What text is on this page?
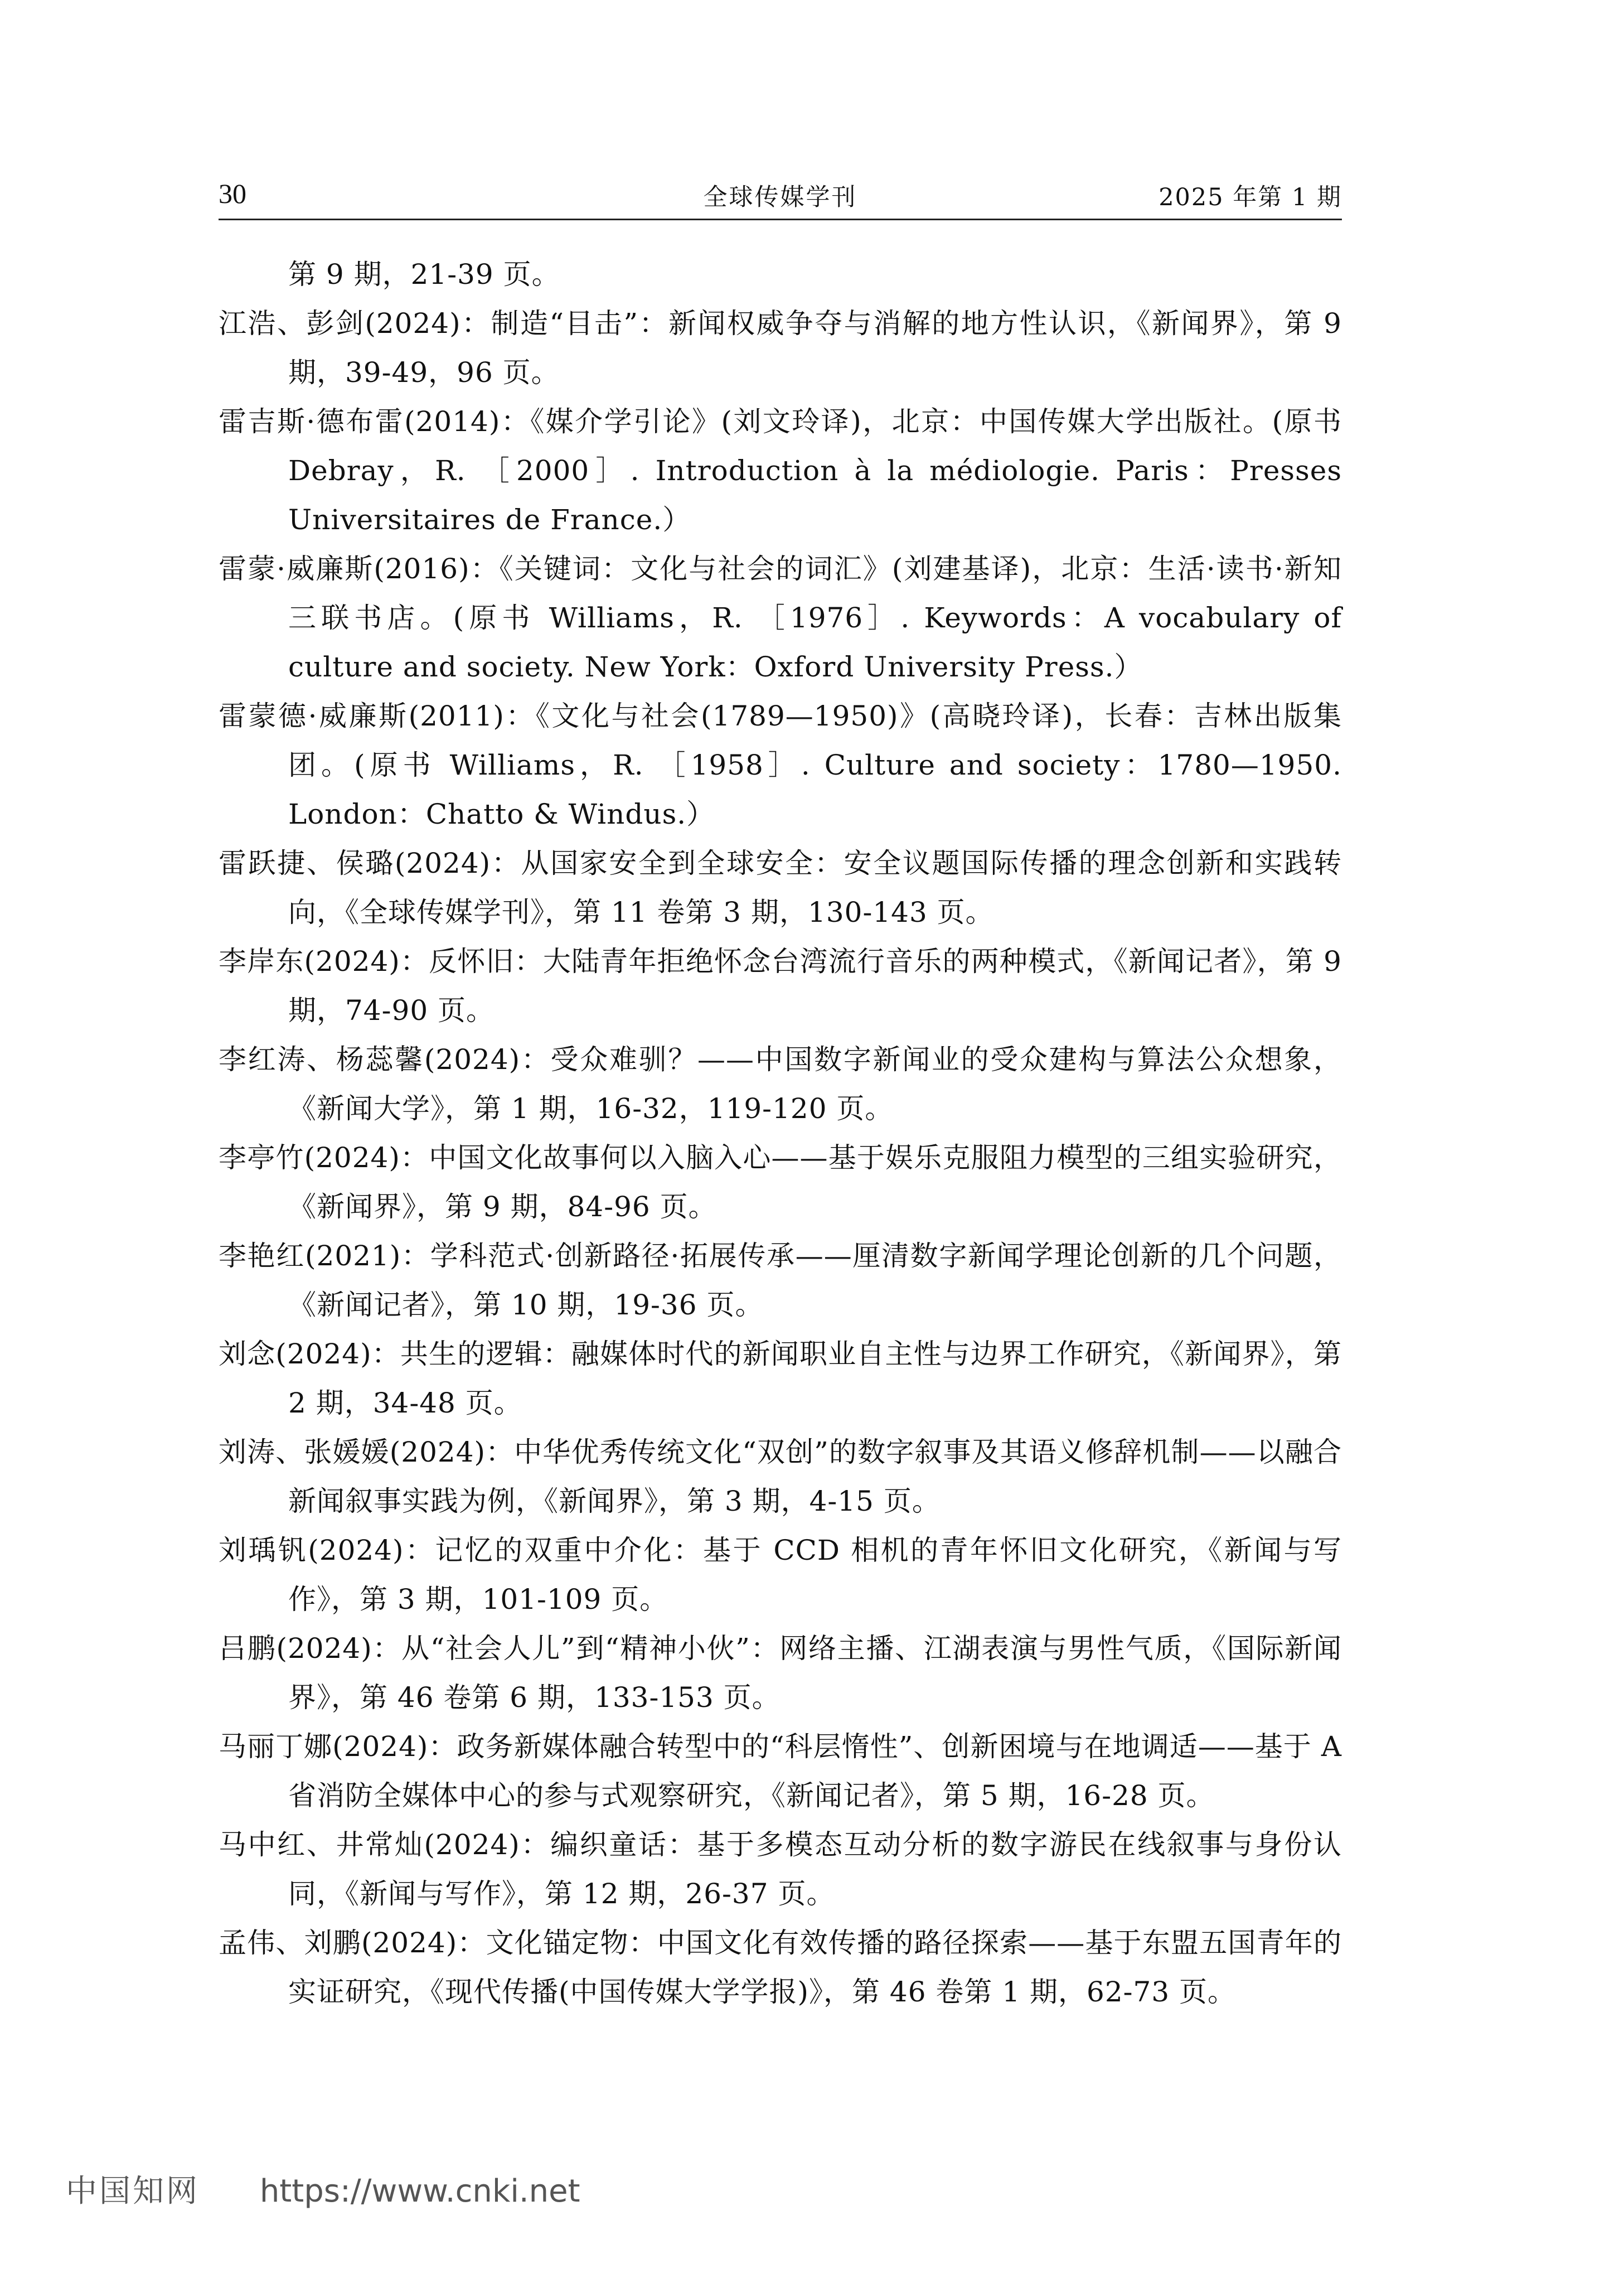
30	全球传媒学刊	2025 年第 1 期
第 9 期，21-39 页。
江浩、彭剑(2024)：制造“目击”：新闻权威争夺与消解的地方性认识，《新闻界》，第 9 期，39-49，96 页。
雷吉斯·德布雷(2014)：《媒介学引论》(刘文玲译)，北京：中国传媒大学出版社。(原书 Debray，R. ［2000］. Introduction à la médiologie. Paris：Presses Universitaires de France.）
雷蒙·威廉斯(2016)：《关键词：文化与社会的词汇》(刘建基译)，北京：生活·读书·新知三联书店。(原书 Williams，R. ［1976］. Keywords：A vocabulary of culture and society. New York：Oxford University Press.）
雷蒙德·威廉斯(2011)：《文化与社会(1789—1950)》(高晓玲译)，长春：吉林出版集团。(原书 Williams，R. ［1958］. Culture and society：1780—1950. London：Chatto & Windus.）
雷跃捷、侯璐(2024)：从国家安全到全球安全：安全议题国际传播的理念创新和实践转向，《全球传媒学刊》，第 11 卷第 3 期，130-143 页。
李岸东(2024)：反怀旧：大陆青年拒绝怀念台湾流行音乐的两种模式，《新闻记者》，第 9 期，74-90 页。
李红涛、杨蕊馨(2024)：受众难驯？——中国数字新闻业的受众建构与算法公众想象，《新闻大学》，第 1 期，16-32，119-120 页。
李亭竹(2024)：中国文化故事何以入脑入心——基于娱乐克服阻力模型的三组实验研究，《新闻界》，第 9 期，84-96 页。
李艳红(2021)：学科范式·创新路径·拓展传承——厘清数字新闻学理论创新的几个问题，《新闻记者》，第 10 期，19-36 页。
刘念(2024)：共生的逻辑：融媒体时代的新闻职业自主性与边界工作研究，《新闻界》，第 2 期，34-48 页。
刘涛、张媛媛(2024)：中华优秀传统文化“双创”的数字叙事及其语义修辞机制——以融合新闻叙事实践为例，《新闻界》，第 3 期，4-15 页。
刘瑀钒(2024)：记忆的双重中介化：基于 CCD 相机的青年怀旧文化研究，《新闻与写作》，第 3 期，101-109 页。
吕鹏(2024)：从“社会人儿”到“精神小伙”：网络主播、江湖表演与男性气质，《国际新闻界》，第 46 卷第 6 期，133-153 页。
马丽丁娜(2024)：政务新媒体融合转型中的“科层惰性”、创新困境与在地调适——基于 A 省消防全媒体中心的参与式观察研究，《新闻记者》，第 5 期，16-28 页。
马中红、井常灿(2024)：编织童话：基于多模态互动分析的数字游民在线叙事与身份认同，《新闻与写作》，第 12 期，26-37 页。
孟伟、刘鹏(2024)：文化锚定物：中国文化有效传播的路径探索——基于东盟五国青年的实证研究，《现代传播(中国传媒大学学报)》，第 46 卷第 1 期，62-73 页。
中国知网 https://www.cnki.net
